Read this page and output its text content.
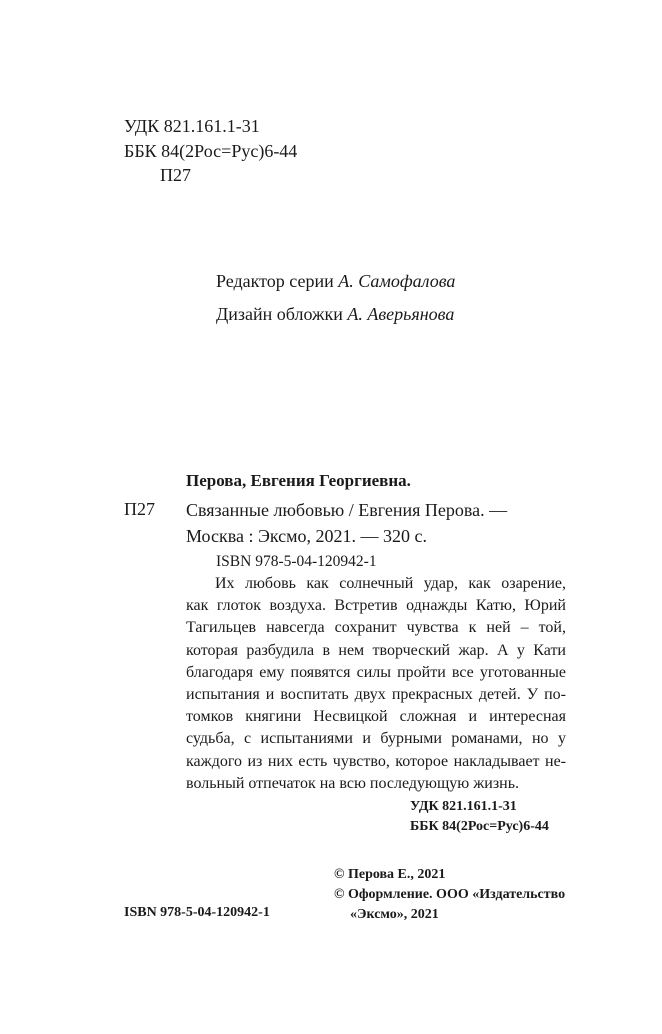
УДК 821.161.1-31
ББК 84(2Рос=Рус)6-44
П27
Редактор серии А. Самофалова
Дизайн обложки А. Аверьянова
Перова, Евгения Георгиевна.
П27 Связанные любовью / Евгения Перова. —
Москва : Эксмо, 2021. — 320 с.
ISBN 978-5-04-120942-1
Их любовь как солнечный удар, как озарение,
как глоток воздуха. Встретив однажды Катю, Юрий
Тагильцев навсегда сохранит чувства к ней – той,
которая разбудила в нем творческий жар. А у Кати
благодаря ему появятся силы пройти все уготованные
испытания и воспитать двух прекрасных детей. У по-
томков княгини Несвицкой сложная и интересная
судьба, с испытаниями и бурными романами, но у
каждого из них есть чувство, которое накладывает не-
вольный отпечаток на всю последующую жизнь.
УДК 821.161.1-31
ББК 84(2Рос=Рус)6-44
© Перова Е., 2021
© Оформление. ООО «Издательство
«Эксмо», 2021
ISBN 978-5-04-120942-1
